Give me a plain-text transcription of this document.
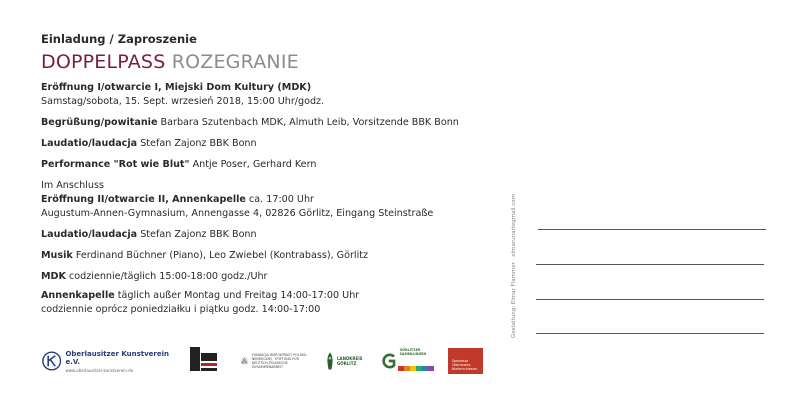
Einladung / Zaproszenie
DOPPELPASS ROZEGRANIE
Eröffnung I/otwarcie I, Miejski Dom Kultury (MDK)
Samstag/sobota, 15. Sept. wrzesień 2018, 15:00 Uhr/godz.
Begrüßung/powitanie Barbara Szutenbach MDK, Almuth Leib, Vorsitzende BBK Bonn
Laudatio/laudacja Stefan Zajonz BBK Bonn
Performance "Rot wie Blut" Antje Poser, Gerhard Kern
Im Anschluss
Eröffnung II/otwarcie II, Annenkapelle ca. 17:00 Uhr
Augustum-Annen-Gymnasium, Annengasse 4, 02826 Görlitz, Eingang Steinstraße
Laudatio/laudacja Stefan Zajonz BBK Bonn
Musik Ferdinand Büchner (Piano), Leo Zwiebel (Kontrabass), Görlitz
MDK codziennie/täglich 15:00-18:00 godz./Uhr
Annenkapelle täglich außer Montag und Freitag 14:00-17:00 Uhr
codziennie oprócz poniedziałku i piątku godz. 14:00-17:00	Gestaltung: Elmar Flammer · elmarunartegmail.com
Oberlausitzer Kunstverein e.V.
www.oberlausitzer-kunstverein.de
FUNDACJA WSPÓŁPRACY POLSKO-NIEMIECKIEJ · STIFTUNG FÜR DEUTSCH-POLNISCHE ZUSAMMENARBEIT
LANDKREIS GÖRLITZ
GÖRLITZER SAMMLUNGEN
Sparkasse Oberlausitz-Niederschlesien
